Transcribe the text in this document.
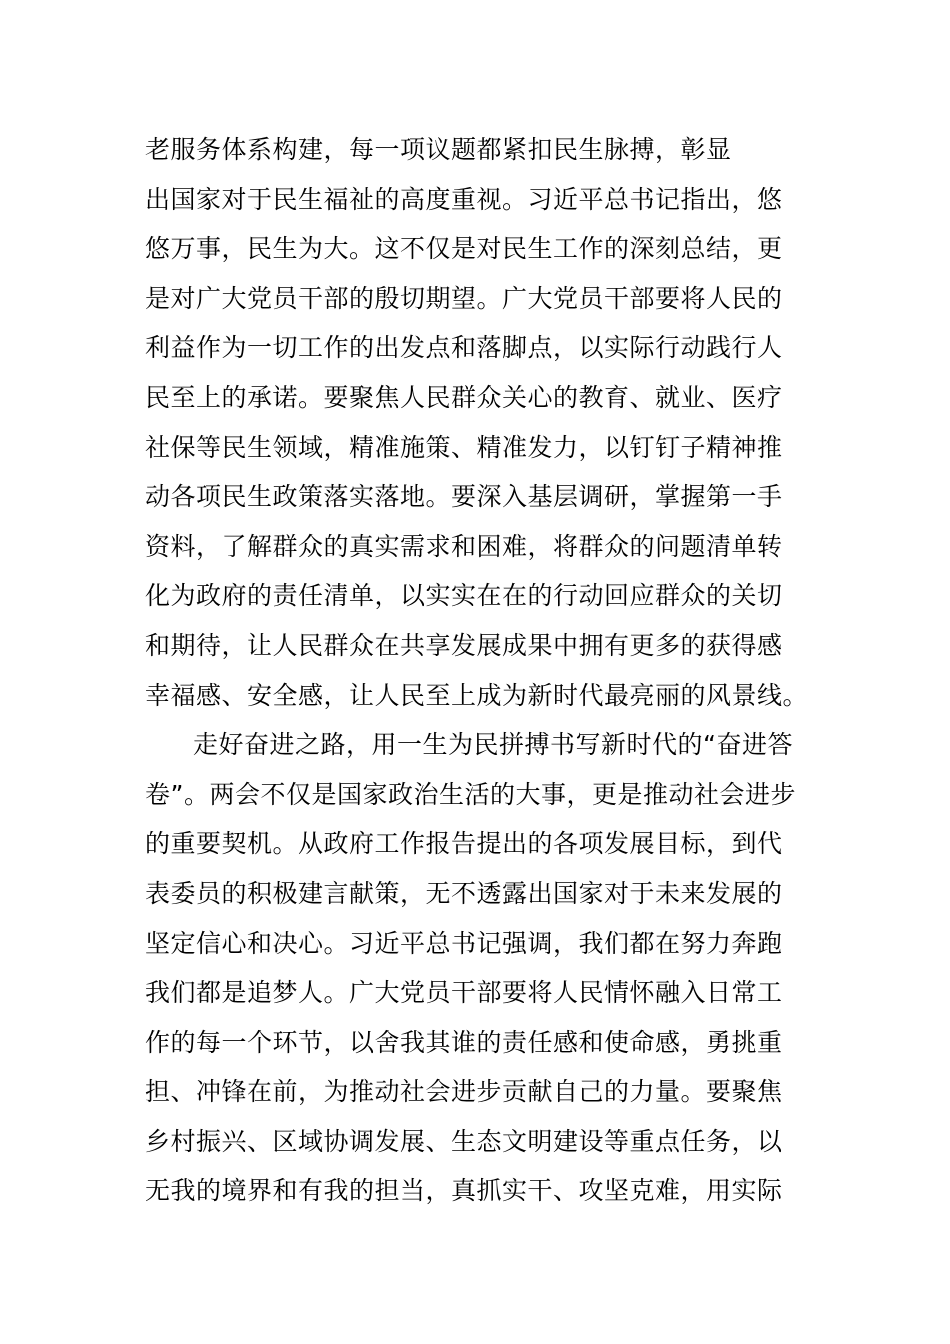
老服务体系构建，每一项议题都紧扣民生脉搏，彰显
出国家对于民生福祉的高度重视。习近平总书记指出，悠
悠万事，民生为大。这不仅是对民生工作的深刻总结，更
是对广大党员干部的殷切期望。广大党员干部要将人民的
利益作为一切工作的出发点和落脚点，以实际行动践行人
民至上的承诺。要聚焦人民群众关心的教育、就业、医疗
社保等民生领域，精准施策、精准发力，以钉钉子精神推
动各项民生政策落实落地。要深入基层调研，掌握第一手
资料，了解群众的真实需求和困难，将群众的问题清单转
化为政府的责任清单，以实实在在的行动回应群众的关切
和期待，让人民群众在共享发展成果中拥有更多的获得感
幸福感、安全感，让人民至上成为新时代最亮丽的风景线。
走好奋进之路，用一生为民拼搏书写新时代的“奋进答
卷”。两会不仅是国家政治生活的大事，更是推动社会进步
的重要契机。从政府工作报告提出的各项发展目标，到代
表委员的积极建言献策，无不透露出国家对于未来发展的
坚定信心和决心。习近平总书记强调，我们都在努力奔跑
我们都是追梦人。广大党员干部要将人民情怀融入日常工
作的每一个环节，以舍我其谁的责任感和使命感，勇挑重
担、冲锋在前，为推动社会进步贡献自己的力量。要聚焦
乡村振兴、区域协调发展、生态文明建设等重点任务，以
无我的境界和有我的担当，真抓实干、攻坚克难，用实际
